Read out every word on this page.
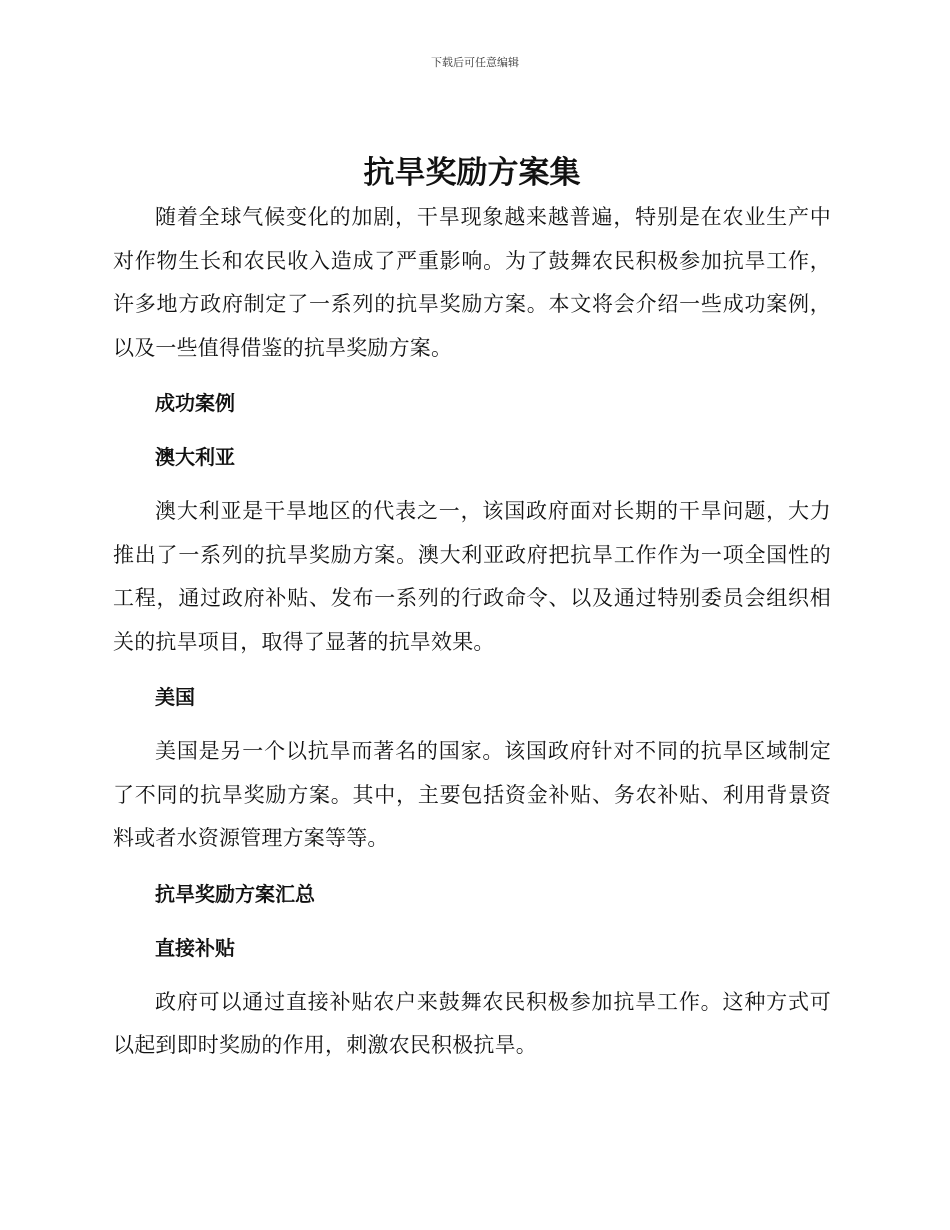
下载后可任意编辑
抗旱奖励方案集

随着全球气候变化的加剧，干旱现象越来越普遍，特别是在农业生产中对作物生长和农民收入造成了严重影响。为了鼓舞农民积极参加抗旱工作，许多地方政府制定了一系列的抗旱奖励方案。本文将会介绍一些成功案例，以及一些值得借鉴的抗旱奖励方案。

成功案例
澳大利亚

澳大利亚是干旱地区的代表之一，该国政府面对长期的干旱问题，大力推出了一系列的抗旱奖励方案。澳大利亚政府把抗旱工作作为一项全国性的工程，通过政府补贴、发布一系列的行政命令、以及通过特别委员会组织相关的抗旱项目，取得了显著的抗旱效果。

美国

美国是另一个以抗旱而著名的国家。该国政府针对不同的抗旱区域制定了不同的抗旱奖励方案。其中，主要包括资金补贴、务农补贴、利用背景资料或者水资源管理方案等等。

抗旱奖励方案汇总
直接补贴

政府可以通过直接补贴农户来鼓舞农民积极参加抗旱工作。这种方式可以起到即时奖励的作用，刺激农民积极抗旱。
